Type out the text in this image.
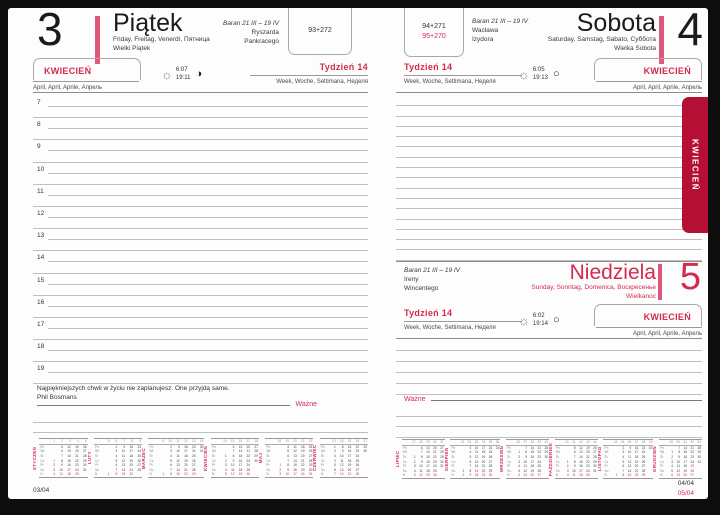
3 Piątek
Friday, Freitag, Venerdì, Пятница
Wielki Piątek
Baran 21 III – 19 IV
Ryszarda
Pankracego
93+272
KWIECIEŃ
April, April, Aprile, Апрель
☼ 6:07
19:11 ◑
Tydzień 14
Week, Woche, Settimana, Неделя
7
8
9
10
11
12
13
14
15
16
17
18
19
Najpiękniejszych chwil w życiu nie zaplanujesz. One przyjdą same.
Phil Bosmans
Ważne
STYCZEŃ
	1	2	3	4	5
Pn		5	12	19	26
Wt		6	13	20	27
Śr		7	14	21	28
Cz	1	8	15	22	29
Pt	2	9	16	23	30
So	3	10	17	24	31
N	4	11	18	25	
LUTY
	5	6	7	8	9
Pn		2	9	16	23
Wt		3	10	17	24
Śr		4	11	18	25
Cz		5	12	19	26
Pt		6	13	20	27
So		7	14	21	28
N	1	8	15	22	
MARZEC
	9	10	11	12	13	14
Pn		2	9	16	23	30
Wt		3	10	17	24	31
Śr		4	11	18	25	
Cz		5	12	19	26	
Pt		6	13	20	27	
So		7	14	21	28	
N	1	8	15	22	29	
KWIECIEŃ
	14	15	16	17	18
Pn		6	13	20	27
Wt		7	14	21	28
Śr	1	8	15	22	29
Cz	2	9	16	23	30
Pt	3	10	17	24	
So	4	11	18	25	
N	5	12	19	26	
MAJ
	18	19	20	21	22
Pn		4	11	18	25
Wt		5	12	19	26
Śr		6	13	20	27
Cz		7	14	21	28
Pt	1	8	15	22	29
So	2	9	16	23	30
N	3	10	17	24	31
CZERWIEC
	23	24	25	26	27
Pn	1	8	15	22	29
Wt	2	9	16	23	30
Śr	3	10	17	24	
Cz	4	11	18	25	
Pt	5	12	19	26	
So	6	13	20	27	
N	7	14	21	28	
94+271
95+270
Baran 21 III – 19 IV
Wacława
Izydora
Sobota
Saturday, Samstag, Sabato, Суббота
Wielka Sobota 4
Tydzień 14
Week, Woche, Settimana, Неделя
☼ 6:05
19:13 ○	KWIECIEŃ
April, April, Aprile, Апрель
Baran 21 III – 19 IV
Ireny
Wincentego
Niedziela
Sunday, Sonntag, Domenica, Воскресенье
Wielkanoc 5
Tydzień 14
Week, Woche, Settimana, Неделя
☼ 6:02
19:14 ○	KWIECIEŃ
April, April, Aprile, Апрель
Ważne
LIPIEC
	27	28	29	30	31
Pn		6	13	20	27
Wt		7	14	21	28
Śr	1	8	15	22	29
Cz	2	9	16	23	30
Pt	3	10	17	24	31
So	4	11	18	25	
N	5	12	19	26	
SIERPIEŃ
	31	32	33	34	35	36
Pn		3	10	17	24	31
Wt		4	11	18	25	
Śr		5	12	19	26	
Cz		6	13	20	27	
Pt		7	14	21	28	
So	1	8	15	22	29	
N	2	9	16	23	30	
WRZESIEŃ
	36	37	38	39	40
Pn		7	14	21	28
Wt	1	8	15	22	29
Śr	2	9	16	23	30
Cz	3	10	17	24	
Pt	4	11	18	25	
So	5	12	19	26	
N	6	13	20	27	PAŹDZIERNIK
	40	41	42	43	44
Pn		5	12	19	26
Wt		6	13	20	27
Śr		7	14	21	28
Cz	1	8	15	22	29
Pt	2	9	16	23	30
So	3	10	17	24	31
N	4	11	18	25	
LISTOPAD
	44	45	46	47	48	49
Pn		2	9	16	23	30
Wt		3	10	17	24	
Śr		4	11	18	25	
Cz		5	12	19	26	
Pt		6	13	20	27	
So		7	14	21	28	
N	1	8	15	22	29	
GRUDZIEŃ
	49	50	51	52	53
Pn		7	14	21	28
Wt	1	8	15	22	29
Śr	2	9	16	23	30
Cz	3	10	17	24	31
Pt	4	11	18	25	
So	5	12	19	26	
N	6	13	20	27	
03/04
04/04
05/04
KWIECIEŃ
